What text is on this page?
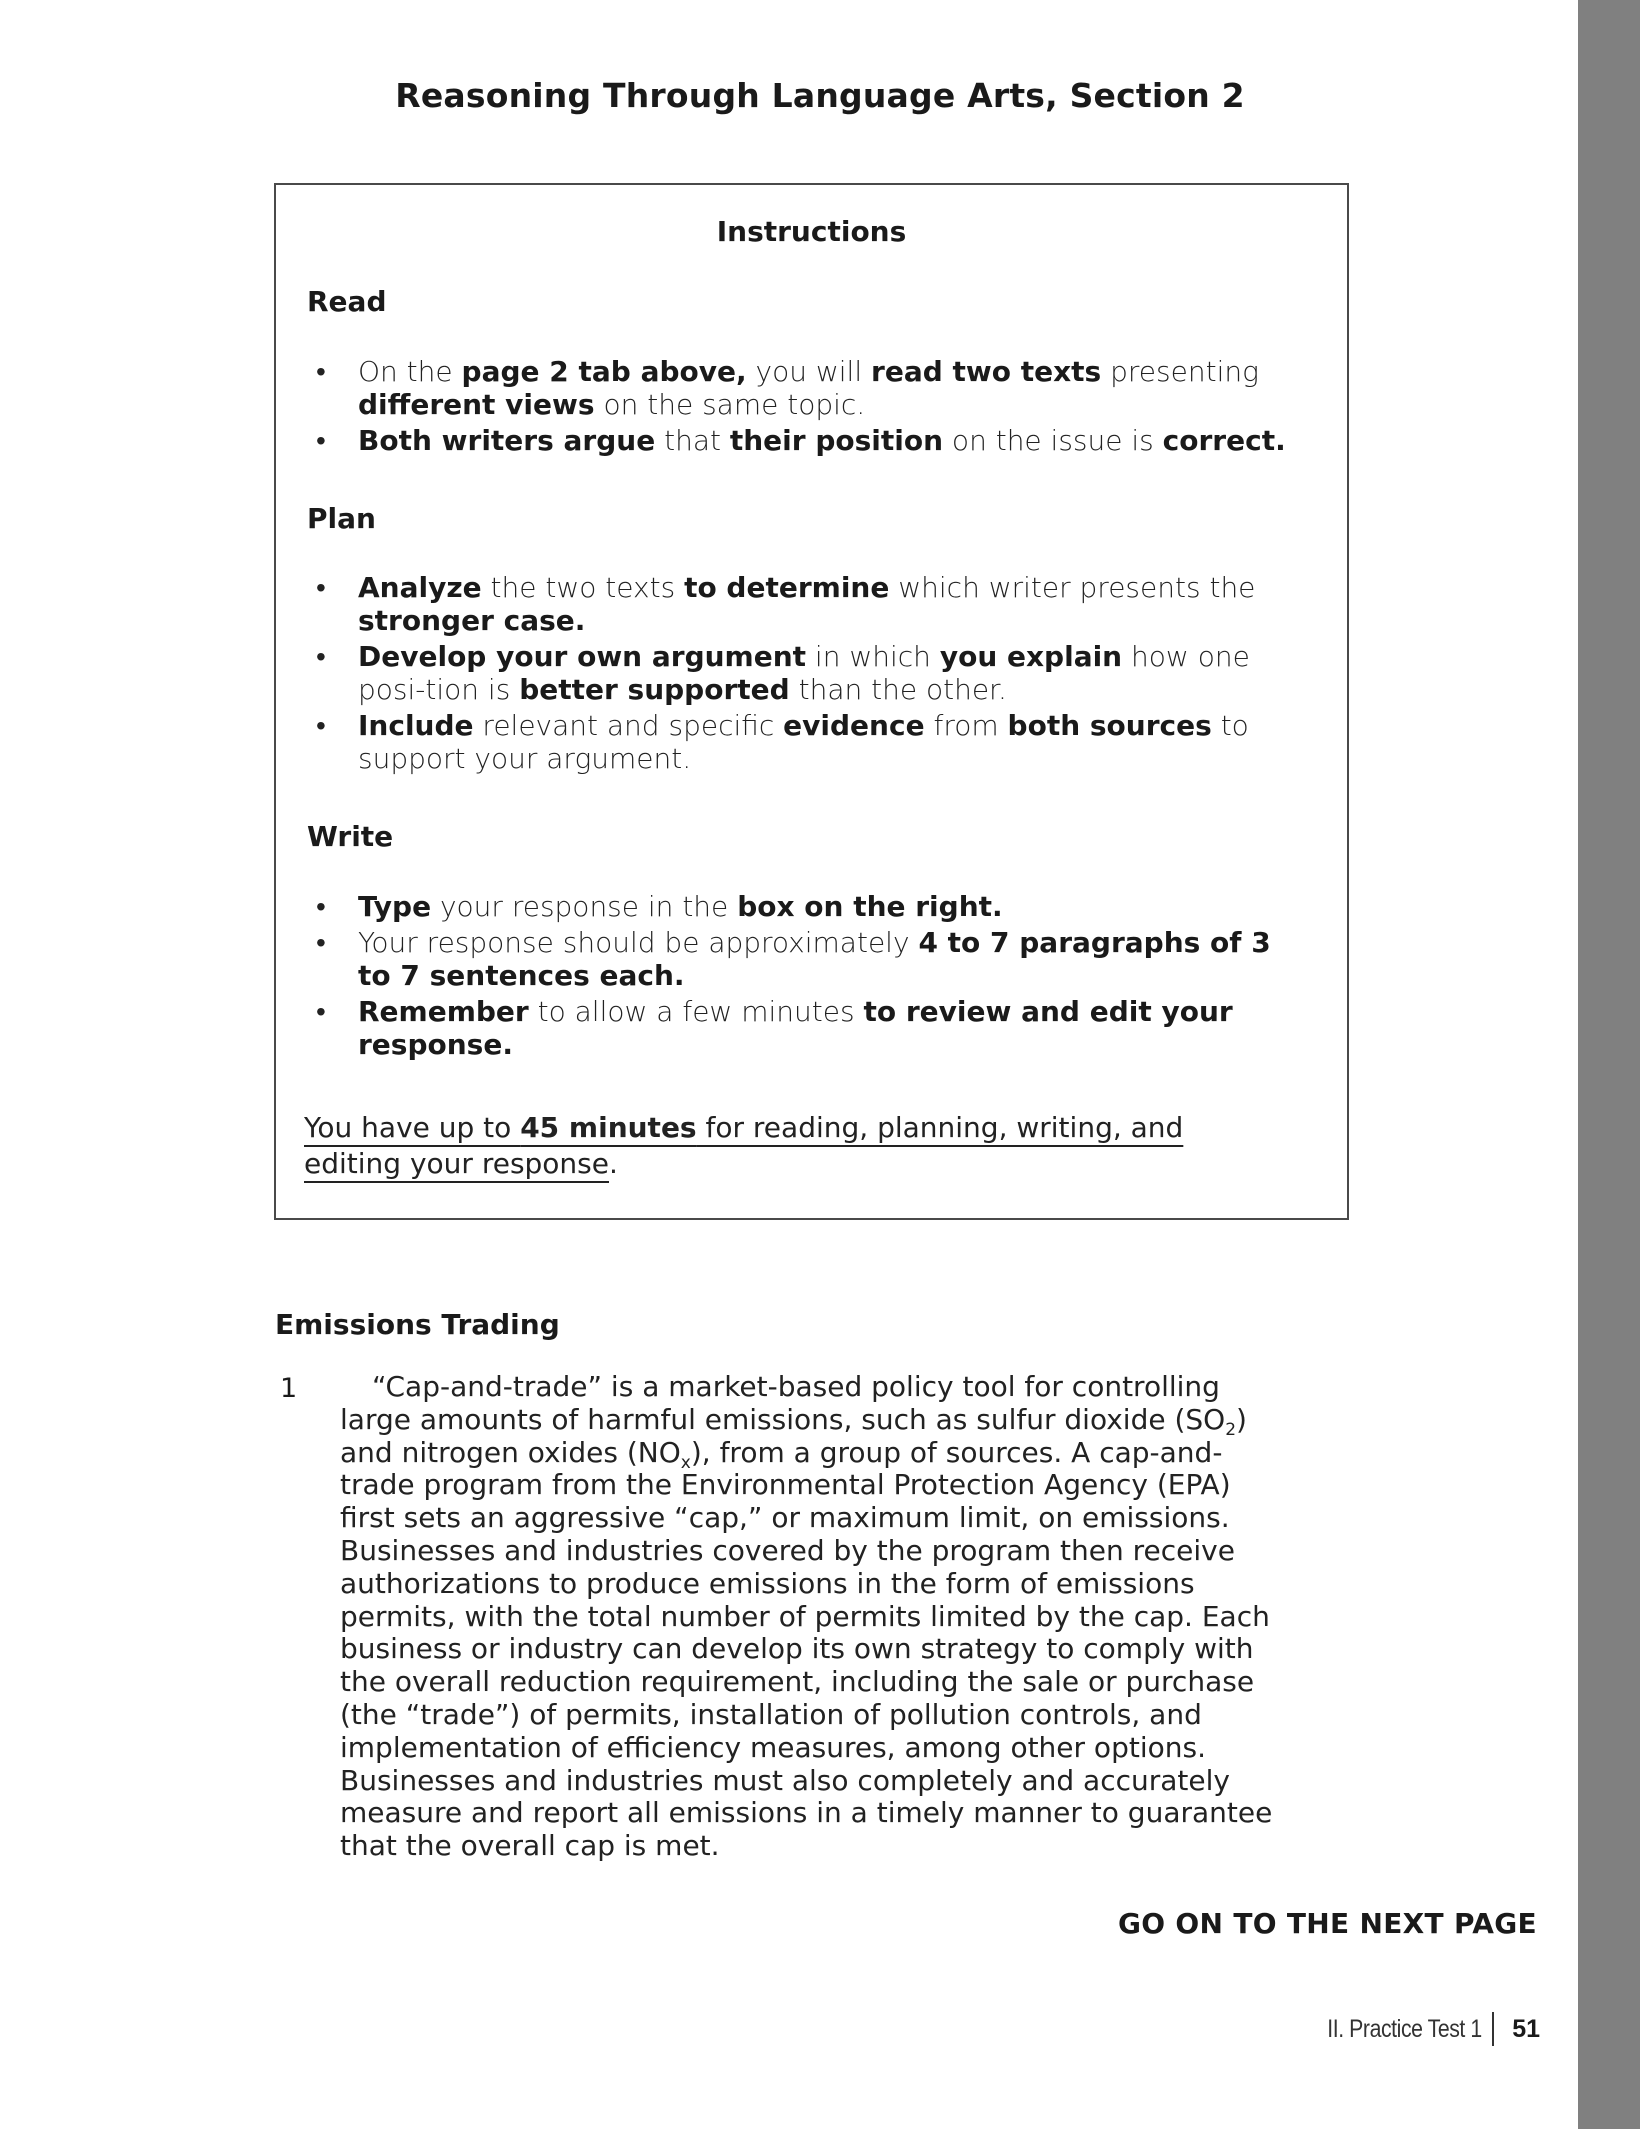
Reasoning Through Language Arts, Section 2
Instructions
Read
• On the page 2 tab above, you will read two texts presenting different views on the same topic.
• Both writers argue that their position on the issue is correct.
Plan
• Analyze the two texts to determine which writer presents the stronger case.
• Develop your own argument in which you explain how one posi-tion is better supported than the other.
• Include relevant and specific evidence from both sources to support your argument.
Write
• Type your response in the box on the right.
• Your response should be approximately 4 to 7 paragraphs of 3 to 7 sentences each.
• Remember to allow a few minutes to review and edit your response.
You have up to 45 minutes for reading, planning, writing, and editing your response.
Emissions Trading
1	“Cap-and-trade” is a market-based policy tool for controlling
large amounts of harmful emissions, such as sulfur dioxide $(SO_2)$
and nitrogen oxides $(NO_x)$, from a group of sources. A cap-and-
trade program from the Environmental Protection Agency (EPA)
first sets an aggressive “cap,” or maximum limit, on emissions.
Businesses and industries covered by the program then receive
authorizations to produce emissions in the form of emissions
permits, with the total number of permits limited by the cap. Each
business or industry can develop its own strategy to comply with
the overall reduction requirement, including the sale or purchase
(the “trade”) of permits, installation of pollution controls, and
implementation of efficiency measures, among other options.
Businesses and industries must also completely and accurately
measure and report all emissions in a timely manner to guarantee
that the overall cap is met.
GO ON TO THE NEXT PAGE
II. Practice Test 1 51
